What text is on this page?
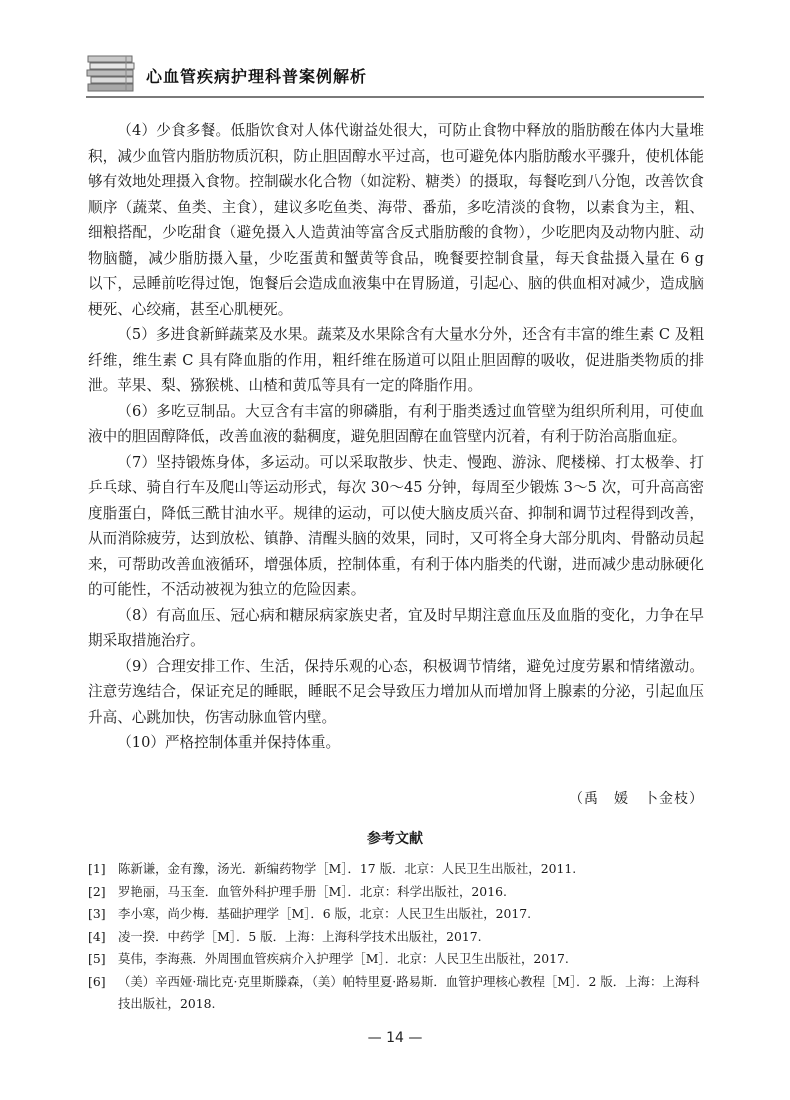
心血管疾病护理科普案例解析

（4）少食多餐。低脂饮食对人体代谢益处很大，可防止食物中释放的脂肪酸在体内大量堆积，减少血管内脂肪物质沉积，防止胆固醇水平过高，也可避免体内脂肪酸水平骤升，使机体能够有效地处理摄入食物。控制碳水化合物（如淀粉、糖类）的摄取，每餐吃到八分饱，改善饮食顺序（蔬菜、鱼类、主食），建议多吃鱼类、海带、番茄，多吃清淡的食物，以素食为主，粗、细粮搭配，少吃甜食（避免摄入人造黄油等富含反式脂肪酸的食物），少吃肥肉及动物内脏、动物脑髓，减少脂肪摄入量，少吃蛋黄和蟹黄等食品，晚餐要控制食量，每天食盐摄入量在 6 g 以下，忌睡前吃得过饱，饱餐后会造成血液集中在胃肠道，引起心、脑的供血相对减少，造成脑梗死、心绞痛，甚至心肌梗死。

（5）多进食新鲜蔬菜及水果。蔬菜及水果除含有大量水分外，还含有丰富的维生素 C 及粗纤维，维生素 C 具有降血脂的作用，粗纤维在肠道可以阻止胆固醇的吸收，促进脂类物质的排泄。苹果、梨、猕猴桃、山楂和黄瓜等具有一定的降脂作用。

（6）多吃豆制品。大豆含有丰富的卵磷脂，有利于脂类透过血管壁为组织所利用，可使血液中的胆固醇降低，改善血液的黏稠度，避免胆固醇在血管壁内沉着，有利于防治高脂血症。

（7）坚持锻炼身体，多运动。可以采取散步、快走、慢跑、游泳、爬楼梯、打太极拳、打乒乓球、骑自行车及爬山等运动形式，每次 30～45 分钟，每周至少锻炼 3～5 次，可升高高密度脂蛋白，降低三酰甘油水平。规律的运动，可以使大脑皮质兴奋、抑制和调节过程得到改善，从而消除疲劳，达到放松、镇静、清醒头脑的效果，同时，又可将全身大部分肌肉、骨骼动员起来，可帮助改善血液循环，增强体质，控制体重，有利于体内脂类的代谢，进而减少患动脉硬化的可能性，不活动被视为独立的危险因素。

（8）有高血压、冠心病和糖尿病家族史者，宜及时早期注意血压及血脂的变化，力争在早期采取措施治疗。

（9）合理安排工作、生活，保持乐观的心态，积极调节情绪，避免过度劳累和情绪激动。注意劳逸结合，保证充足的睡眠，睡眠不足会导致压力增加从而增加肾上腺素的分泌，引起血压升高、心跳加快，伤害动脉血管内壁。

（10）严格控制体重并保持体重。

（禹　媛　卜金枝）
参考文献
[1] 陈新谦，金有豫，汤光．新编药物学［M］．17 版．北京：人民卫生出版社，2011.
[2] 罗艳丽，马玉奎．血管外科护理手册［M］．北京：科学出版社，2016.
[3] 李小寒，尚少梅．基础护理学［M］．6 版，北京：人民卫生出版社，2017.
[4] 凌一揆．中药学［M］．5 版．上海：上海科学技术出版社，2017.
[5] 莫伟，李海燕．外周围血管疾病介入护理学［M］．北京：人民卫生出版社，2017.
[6] （美）辛西娅·瑞比克·克里斯滕森，（美）帕特里夏·路易斯．血管护理核心教程［M］．2 版．上海：上海科技出版社，2018.
— 14 —
